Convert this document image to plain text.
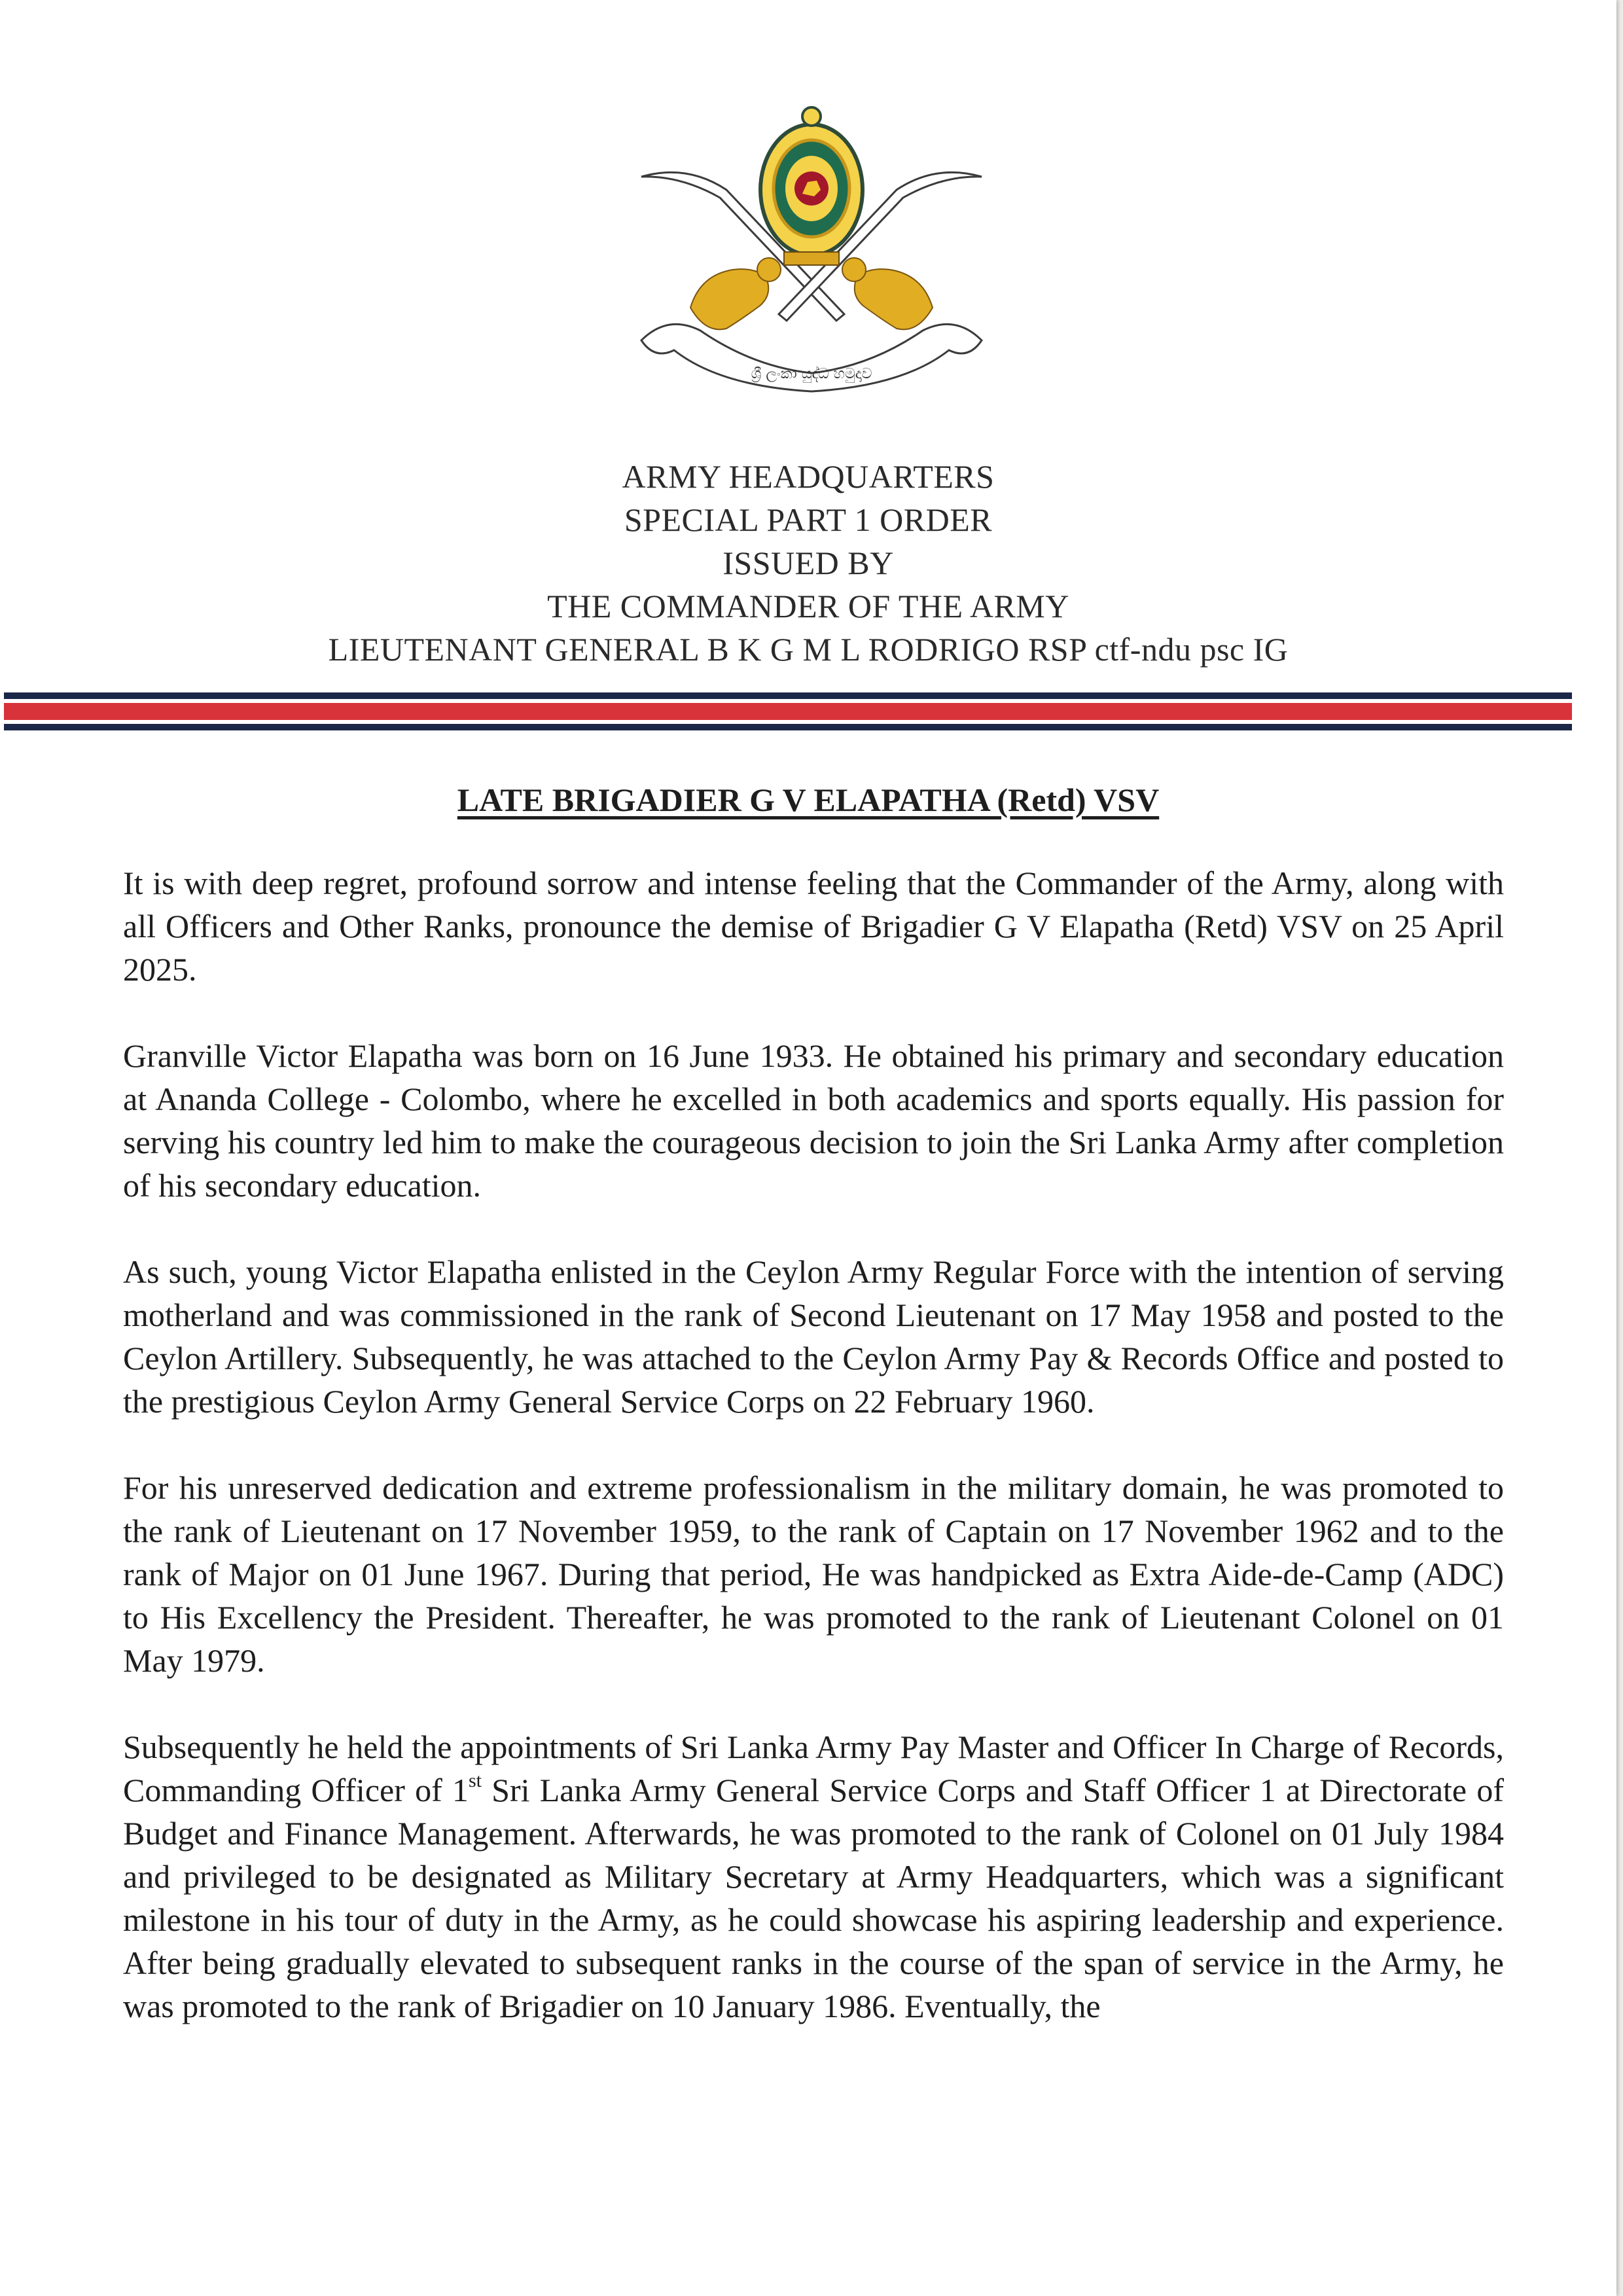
ශ්‍රී ලංකා යුද්ධ හමුදාව
ARMY HEADQUARTERS
SPECIAL PART 1 ORDER
ISSUED BY
THE COMMANDER OF THE ARMY
LIEUTENANT GENERAL B K G M L RODRIGO RSP ctf-ndu psc IG
LATE BRIGADIER G V ELAPATHA (Retd) VSV

It is with deep regret, profound sorrow and intense feeling that the Commander of the Army, along with all Officers and Other Ranks, pronounce the demise of Brigadier G V Elapatha (Retd) VSV on 25 April 2025.

Granville Victor Elapatha was born on 16 June 1933. He obtained his primary and secondary education at Ananda College - Colombo, where he excelled in both academics and sports equally. His passion for serving his country led him to make the courageous decision to join the Sri Lanka Army after completion of his secondary education.

As such, young Victor Elapatha enlisted in the Ceylon Army Regular Force with the intention of serving motherland and was commissioned in the rank of Second Lieutenant on 17 May 1958 and posted to the Ceylon Artillery. Subsequently, he was attached to the Ceylon Army Pay & Records Office and posted to the prestigious Ceylon Army General Service Corps on 22 February 1960.

For his unreserved dedication and extreme professionalism in the military domain, he was promoted to the rank of Lieutenant on 17 November 1959, to the rank of Captain on 17 November 1962 and to the rank of Major on 01 June 1967. During that period, He was handpicked as Extra Aide-de-Camp (ADC) to His Excellency the President. Thereafter, he was promoted to the rank of Lieutenant Colonel on 01 May 1979.

Subsequently he held the appointments of Sri Lanka Army Pay Master and Officer In Charge of Records, Commanding Officer of 1st Sri Lanka Army General Service Corps and Staff Officer 1 at Directorate of Budget and Finance Management. Afterwards, he was promoted to the rank of Colonel on 01 July 1984 and privileged to be designated as Military Secretary at Army Headquarters, which was a significant milestone in his tour of duty in the Army, as he could showcase his aspiring leadership and experience. After being gradually elevated to subsequent ranks in the course of the span of service in the Army, he was promoted to the rank of Brigadier on 10 January 1986. Eventually, the
